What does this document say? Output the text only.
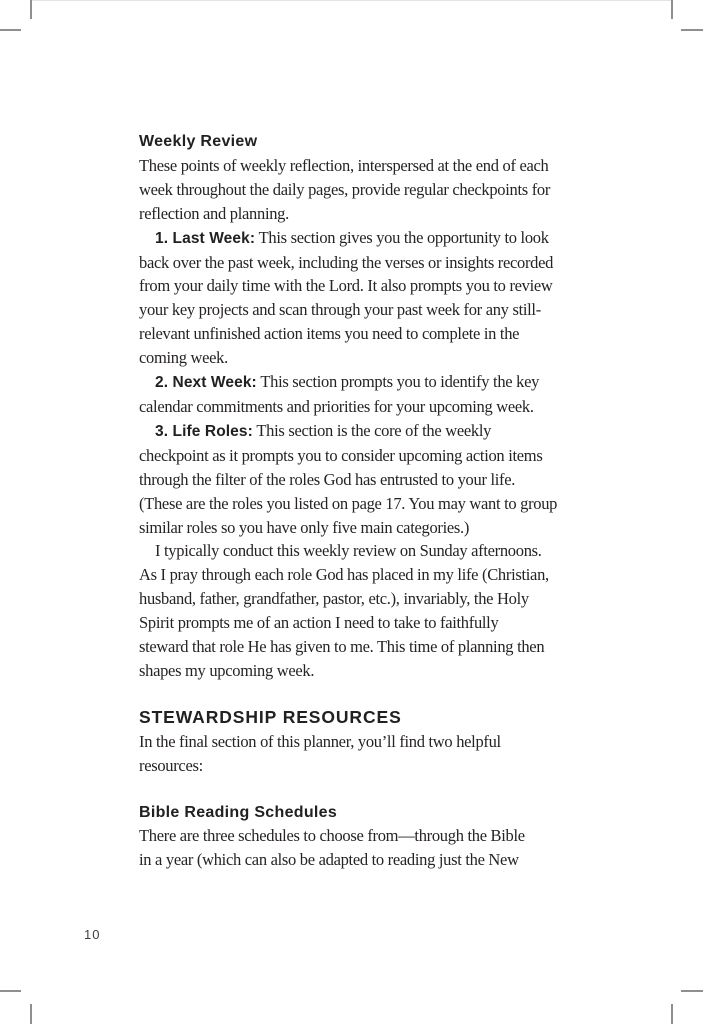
Weekly Review
These points of weekly reflection, interspersed at the end of each
week throughout the daily pages, provide regular checkpoints for
reflection and planning.
1. Last Week: This section gives you the opportunity to look
back over the past week, including the verses or insights recorded
from your daily time with the Lord. It also prompts you to review
your key projects and scan through your past week for any still-
relevant unfinished action items you need to complete in the
coming week.
2. Next Week: This section prompts you to identify the key
calendar commitments and priorities for your upcoming week.
3. Life Roles: This section is the core of the weekly
checkpoint as it prompts you to consider upcoming action items
through the filter of the roles God has entrusted to your life.
(These are the roles you listed on page 17. You may want to group
similar roles so you have only five main categories.)
I typically conduct this weekly review on Sunday afternoons.
As I pray through each role God has placed in my life (Christian,
husband, father, grandfather, pastor, etc.), invariably, the Holy
Spirit prompts me of an action I need to take to faithfully
steward that role He has given to me. This time of planning then
shapes my upcoming week.
STEWARDSHIP RESOURCES
In the final section of this planner, you’ll find two helpful
resources:
Bible Reading Schedules
There are three schedules to choose from—through the Bible
in a year (which can also be adapted to reading just the New
10
